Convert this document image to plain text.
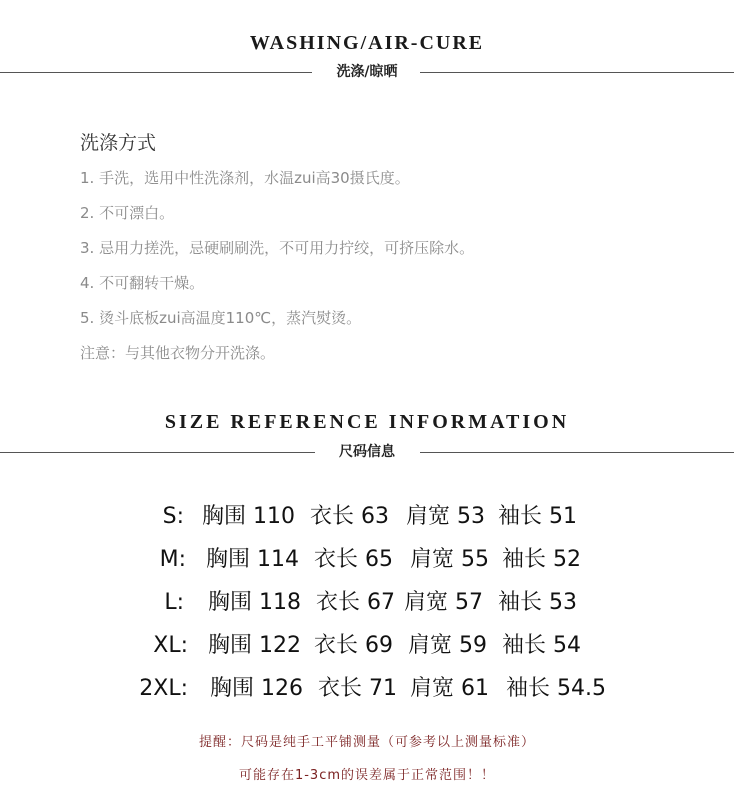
WASHING/AIR-CURE
洗涤/晾晒
洗涤方式
1. 手洗，选用中性洗涤剂，水温zui高30摄氏度。
2. 不可漂白。
3. 忌用力搓洗，忌硬刷刷洗，不可用力拧绞，可挤压除水。
4. 不可翻转干燥。
5. 烫斗底板zui高温度110℃，蒸汽熨烫。
注意：与其他衣物分开洗涤。
SIZE REFERENCE INFORMATION
尺码信息
S: 胸围 110 衣长 63 肩宽 53 袖长 51
M: 胸围 114 衣长 65 肩宽 55 袖长 52
L: 胸围 118 衣长 67 肩宽 57 袖长 53
XL: 胸围 122 衣长 69 肩宽 59 袖长 54
2XL: 胸围 126 衣长 71 肩宽 61 袖长 54.5
提醒：尺码是纯手工平铺测量（可参考以上测量标准）
可能存在1-3cm的误差属于正常范围！！
